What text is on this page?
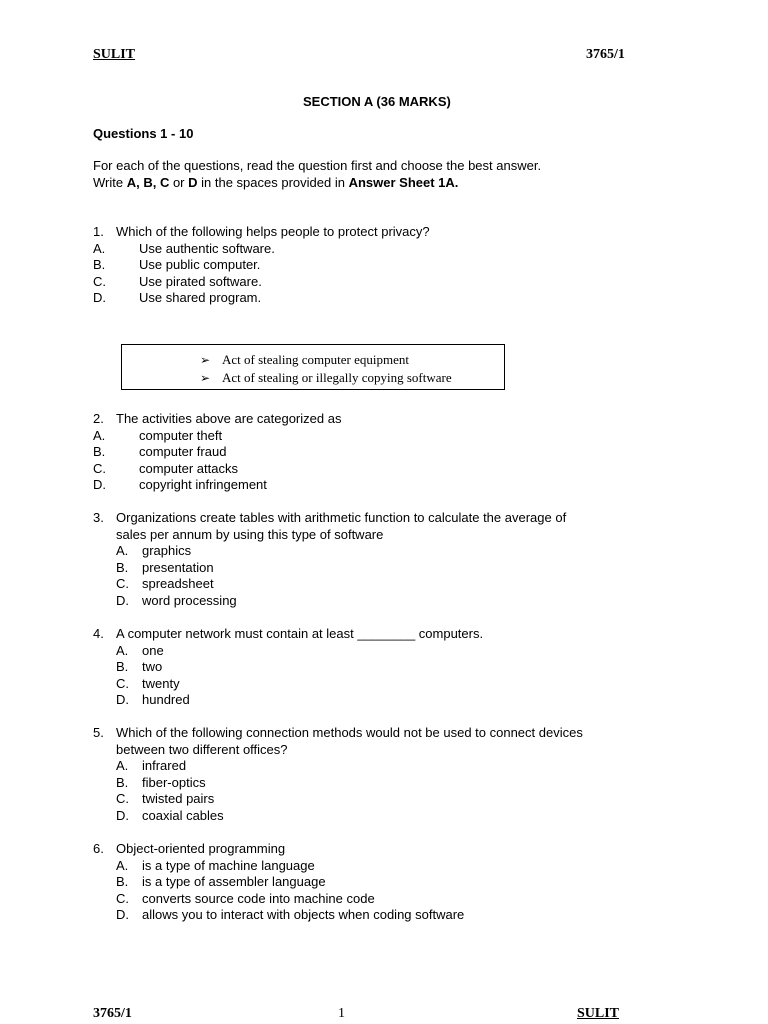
SULIT	3765/1
SECTION A (36 MARKS)
Questions 1 - 10
For each of the questions, read the question first and choose the best answer.
Write A, B, C or D in the spaces provided in Answer Sheet 1A.
1. Which of the following helps people to protect privacy?
A.	Use authentic software.
B.	Use public computer.
C.	Use pirated software.
D.	Use shared program.
➢ Act of stealing computer equipment
➢ Act of stealing or illegally copying software
2. The activities above are categorized as
A.	computer theft
B.	computer fraud
C.	computer attacks
D.	copyright infringement
3. Organizations create tables with arithmetic function to calculate the average of
sales per annum by using this type of software
A. graphics
B. presentation
C. spreadsheet
D. word processing
4. A computer network must contain at least ________ computers.
A. one
B. two
C. twenty
D. hundred
5. Which of the following connection methods would not be used to connect devices
between two different offices?
A. infrared
B. fiber-optics
C. twisted pairs
D. coaxial cables
6. Object-oriented programming
A. is a type of machine language
B. is a type of assembler language
C. converts source code into machine code
D. allows you to interact with objects when coding software
3765/1	1	SULIT
